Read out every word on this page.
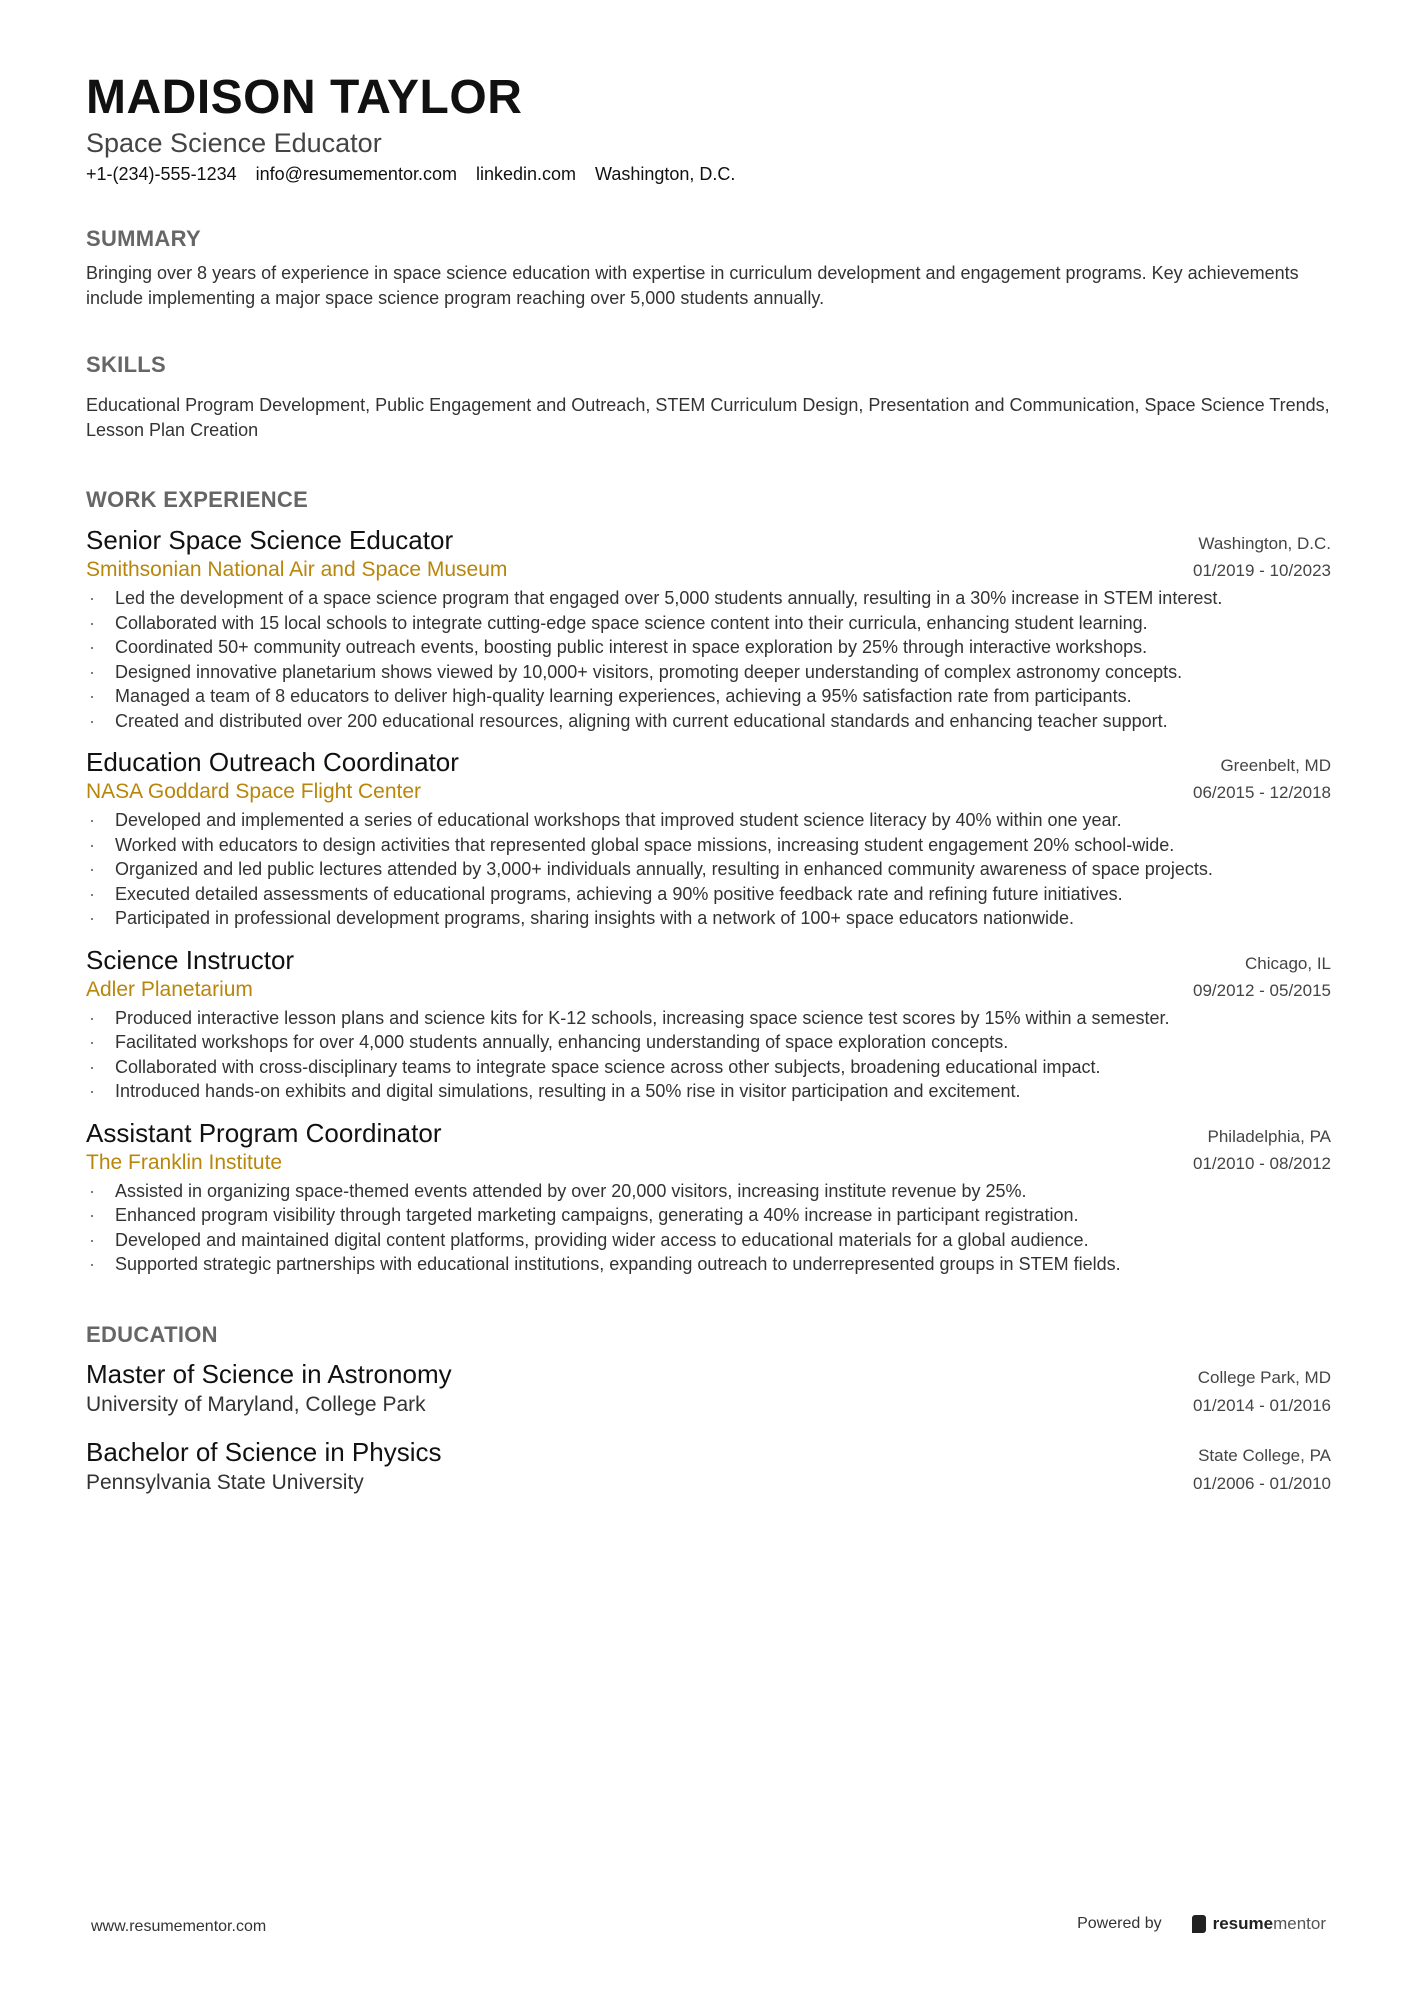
MADISON TAYLOR
Space Science Educator
+1-(234)-555-1234 info@resumementor.com linkedin.com Washington, D.C.
SUMMARY
Bringing over 8 years of experience in space science education with expertise in curriculum development and engagement programs. Key achievements include implementing a major space science program reaching over 5,000 students annually.
SKILLS
Educational Program Development, Public Engagement and Outreach, STEM Curriculum Design, Presentation and Communication, Space Science Trends, Lesson Plan Creation
WORK EXPERIENCE
Senior Space Science Educator	Washington, D.C.
Smithsonian National Air and Space Museum	01/2019 - 10/2023
· Led the development of a space science program that engaged over 5,000 students annually, resulting in a 30% increase in STEM interest.
· Collaborated with 15 local schools to integrate cutting-edge space science content into their curricula, enhancing student learning.
· Coordinated 50+ community outreach events, boosting public interest in space exploration by 25% through interactive workshops.
· Designed innovative planetarium shows viewed by 10,000+ visitors, promoting deeper understanding of complex astronomy concepts.
· Managed a team of 8 educators to deliver high-quality learning experiences, achieving a 95% satisfaction rate from participants.
· Created and distributed over 200 educational resources, aligning with current educational standards and enhancing teacher support.
Education Outreach Coordinator	Greenbelt, MD
NASA Goddard Space Flight Center	06/2015 - 12/2018
· Developed and implemented a series of educational workshops that improved student science literacy by 40% within one year.
· Worked with educators to design activities that represented global space missions, increasing student engagement 20% school-wide.
· Organized and led public lectures attended by 3,000+ individuals annually, resulting in enhanced community awareness of space projects.
· Executed detailed assessments of educational programs, achieving a 90% positive feedback rate and refining future initiatives.
· Participated in professional development programs, sharing insights with a network of 100+ space educators nationwide.
Science Instructor	Chicago, IL
Adler Planetarium	09/2012 - 05/2015
· Produced interactive lesson plans and science kits for K-12 schools, increasing space science test scores by 15% within a semester.
· Facilitated workshops for over 4,000 students annually, enhancing understanding of space exploration concepts.
· Collaborated with cross-disciplinary teams to integrate space science across other subjects, broadening educational impact.
· Introduced hands-on exhibits and digital simulations, resulting in a 50% rise in visitor participation and excitement.
Assistant Program Coordinator	Philadelphia, PA
The Franklin Institute	01/2010 - 08/2012
· Assisted in organizing space-themed events attended by over 20,000 visitors, increasing institute revenue by 25%.
· Enhanced program visibility through targeted marketing campaigns, generating a 40% increase in participant registration.
· Developed and maintained digital content platforms, providing wider access to educational materials for a global audience.
· Supported strategic partnerships with educational institutions, expanding outreach to underrepresented groups in STEM fields.
EDUCATION
Master of Science in Astronomy	College Park, MD
University of Maryland, College Park	01/2014 - 01/2016
Bachelor of Science in Physics	State College, PA
Pennsylvania State University	01/2006 - 01/2010
www.resumementor.com	Powered by	resumementor
